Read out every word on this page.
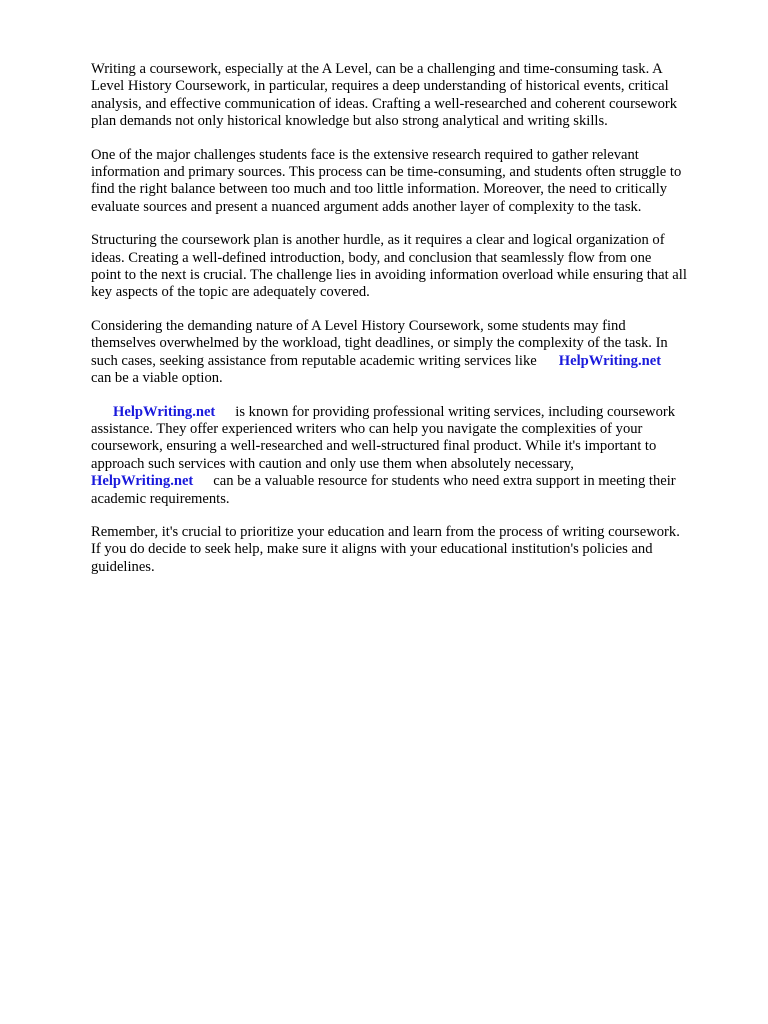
Writing a coursework, especially at the A Level, can be a challenging and time-consuming task. A
Level History Coursework, in particular, requires a deep understanding of historical events, critical
analysis, and effective communication of ideas. Crafting a well-researched and coherent coursework
plan demands not only historical knowledge but also strong analytical and writing skills.

One of the major challenges students face is the extensive research required to gather relevant
information and primary sources. This process can be time-consuming, and students often struggle to
find the right balance between too much and too little information. Moreover, the need to critically
evaluate sources and present a nuanced argument adds another layer of complexity to the task.

Structuring the coursework plan is another hurdle, as it requires a clear and logical organization of
ideas. Creating a well-defined introduction, body, and conclusion that seamlessly flow from one
point to the next is crucial. The challenge lies in avoiding information overload while ensuring that all
key aspects of the topic are adequately covered.

Considering the demanding nature of A Level History Coursework, some students may find
themselves overwhelmed by the workload, tight deadlines, or simply the complexity of the task. In
such cases, seeking assistance from reputable academic writing services like HelpWriting.net
can be a viable option.

HelpWriting.net is known for providing professional writing services, including coursework
assistance. They offer experienced writers who can help you navigate the complexities of your
coursework, ensuring a well-researched and well-structured final product. While it's important to
approach such services with caution and only use them when absolutely necessary,
HelpWriting.net can be a valuable resource for students who need extra support in meeting their
academic requirements.

Remember, it's crucial to prioritize your education and learn from the process of writing coursework.
If you do decide to seek help, make sure it aligns with your educational institution's policies and
guidelines.
